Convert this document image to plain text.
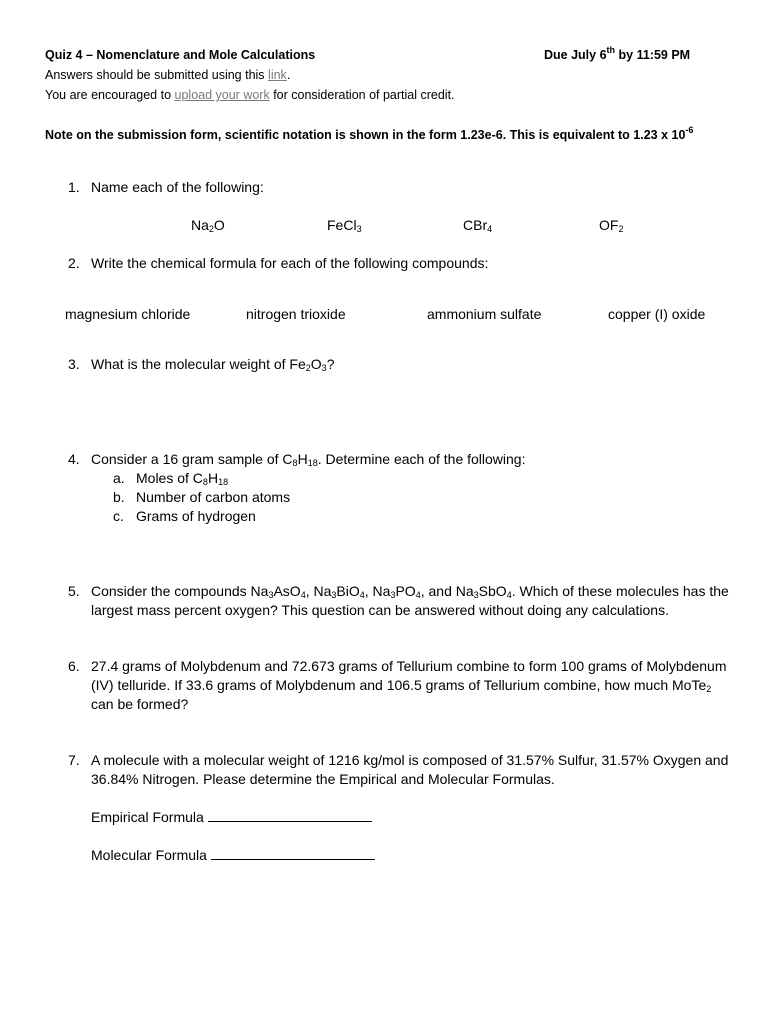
Quiz 4 – Nomenclature and Mole Calculations	Due July 6th by 11:59 PM
Answers should be submitted using this link.
You are encouraged to upload your work for consideration of partial credit.
Note on the submission form, scientific notation is shown in the form 1.23e-6. This is equivalent to 1.23 x $10^{-6}$
1. Name each of the following:
$Na_2O$	FeCl$_3$	CBr$_4$	$OF_2$
2. Write the chemical formula for each of the following compounds:
magnesium chloride	nitrogen trioxide	ammonium sulfate	copper (I) oxide
3. What is the molecular weight of $Fe_2O_3$?
4. Consider a 16 gram sample of $C_8H_{18}$. Determine each of the following:
a. Moles of $C_8H_{18}$
b. Number of carbon atoms
c. Grams of hydrogen
5. Consider the compounds $Na_3AsO_4$, $Na_3BiO_4$, $Na_3PO_4$, and $Na_3SbO_4$. Which of these molecules has the
largest mass percent oxygen? This question can be answered without doing any calculations.
6. 27.4 grams of Molybdenum and 72.673 grams of Tellurium combine to form 100 grams of Molybdenum
(IV) telluride. If 33.6 grams of Molybdenum and 106.5 grams of Tellurium combine, how much MoTe$_2$
can be formed?
7. A molecule with a molecular weight of 1216 kg/mol is composed of 31.57% Sulfur, 31.57% Oxygen and
36.84% Nitrogen. Please determine the Empirical and Molecular Formulas.
Empirical Formula
Molecular Formula
